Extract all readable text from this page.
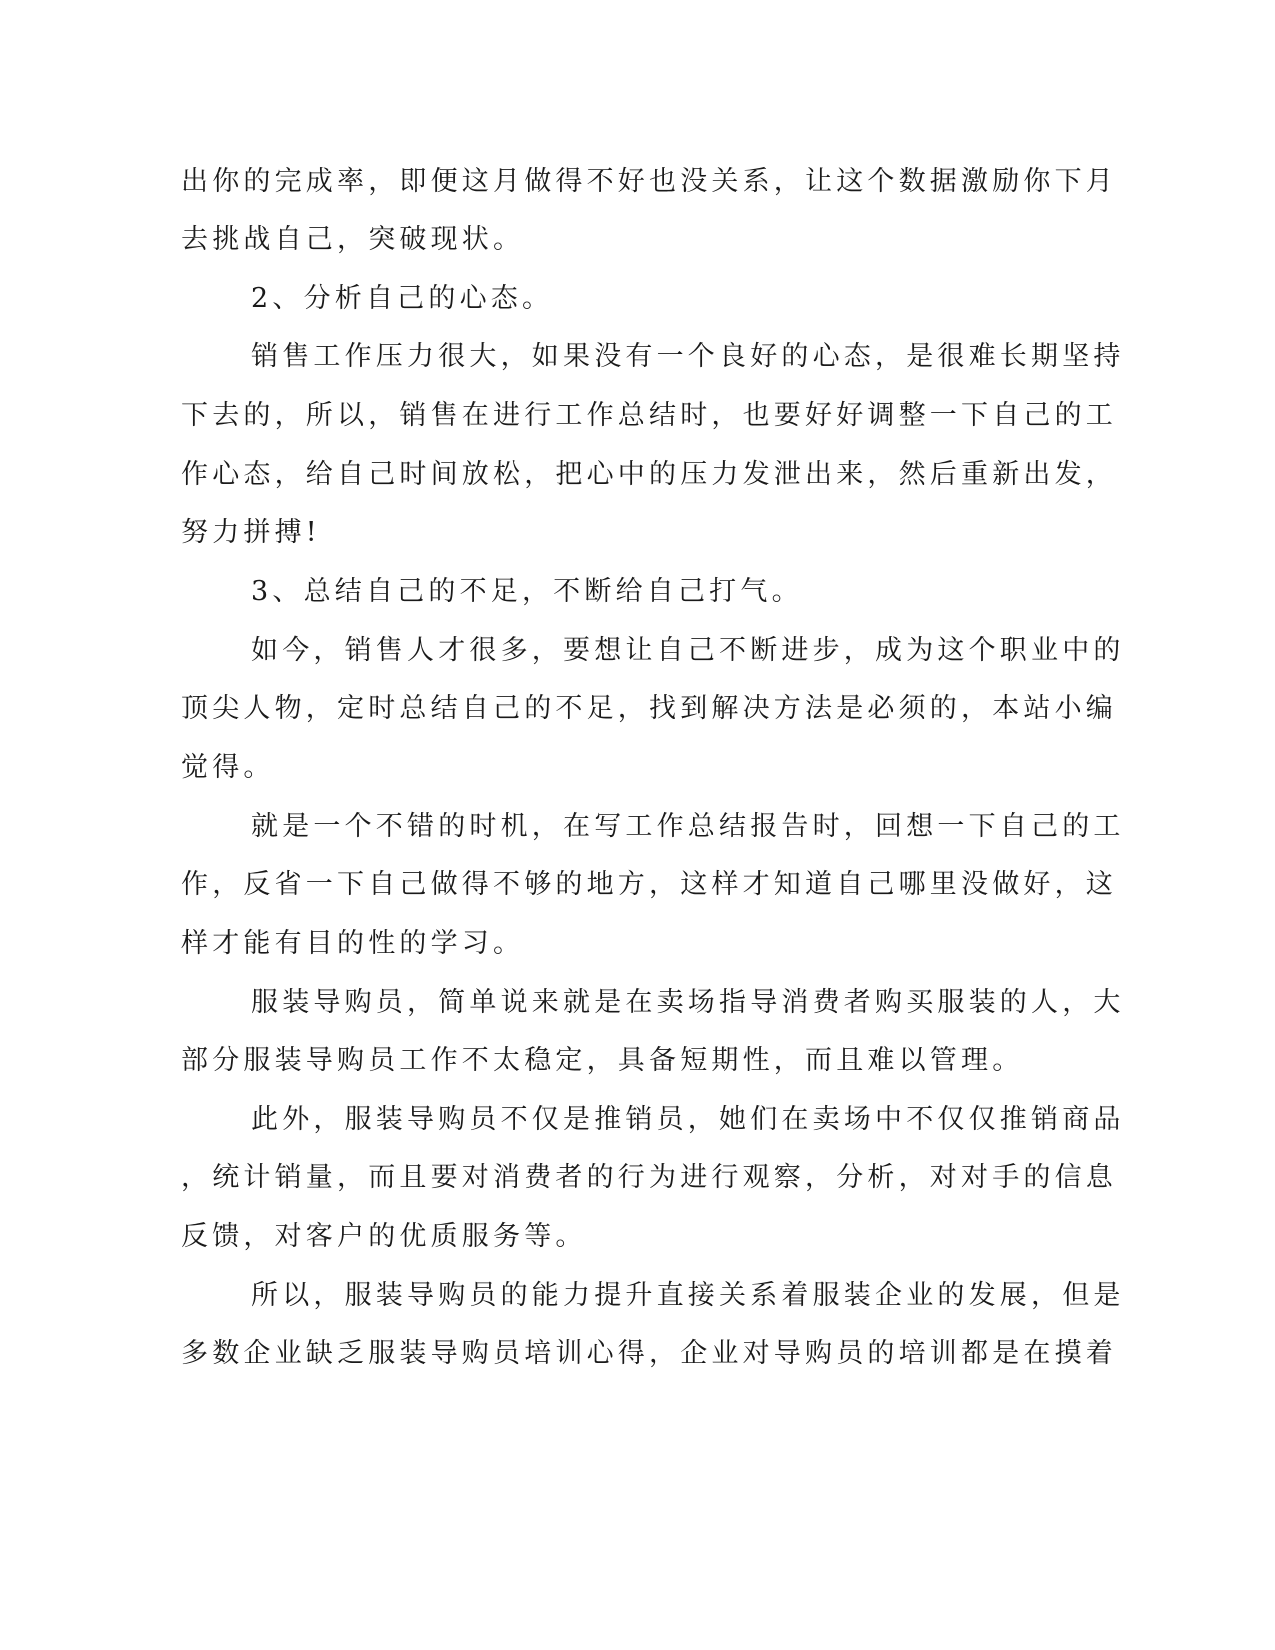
出你的完成率，即便这月做得不好也没关系，让这个数据激励你下月
去挑战自己，突破现状。
2、分析自己的心态。
销售工作压力很大，如果没有一个良好的心态，是很难长期坚持
下去的，所以，销售在进行工作总结时，也要好好调整一下自己的工
作心态，给自己时间放松，把心中的压力发泄出来，然后重新出发，
努力拼搏!
3、总结自己的不足，不断给自己打气。
如今，销售人才很多，要想让自己不断进步，成为这个职业中的
顶尖人物，定时总结自己的不足，找到解决方法是必须的，本站小编
觉得。
就是一个不错的时机，在写工作总结报告时，回想一下自己的工
作，反省一下自己做得不够的地方，这样才知道自己哪里没做好，这
样才能有目的性的学习。
服装导购员，简单说来就是在卖场指导消费者购买服装的人，大
部分服装导购员工作不太稳定，具备短期性，而且难以管理。
此外，服装导购员不仅是推销员，她们在卖场中不仅仅推销商品
，统计销量，而且要对消费者的行为进行观察，分析，对对手的信息
反馈，对客户的优质服务等。
所以，服装导购员的能力提升直接关系着服装企业的发展，但是
多数企业缺乏服装导购员培训心得，企业对导购员的培训都是在摸着
